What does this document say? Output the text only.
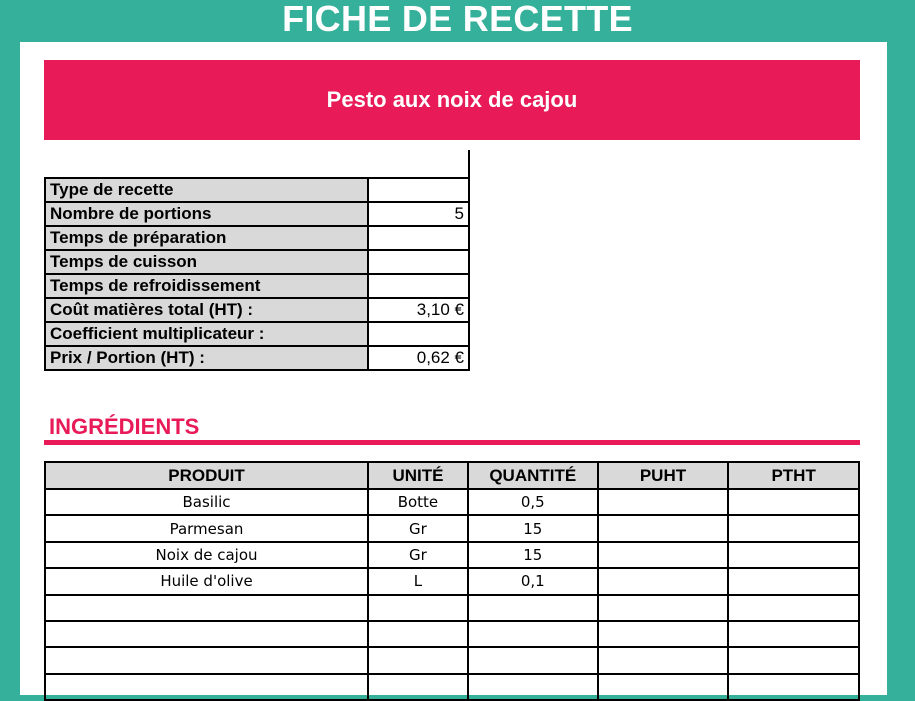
FICHE DE RECETTE
Pesto aux noix de cajou
Type de recette	
Nombre de portions	5
Temps de préparation	
Temps de cuisson	
Temps de refroidissement	
Coût matières total (HT) :	3,10 €
Coefficient multiplicateur :	
Prix / Portion (HT) :	0,62 €
INGRÉDIENTS
PRODUIT	UNITÉ	QUANTITÉ	PUHT	PTHT
Basilic	Botte	0,5		
Parmesan	Gr	15		
Noix de cajou	Gr	15		
Huile d'olive	L	0,1		
